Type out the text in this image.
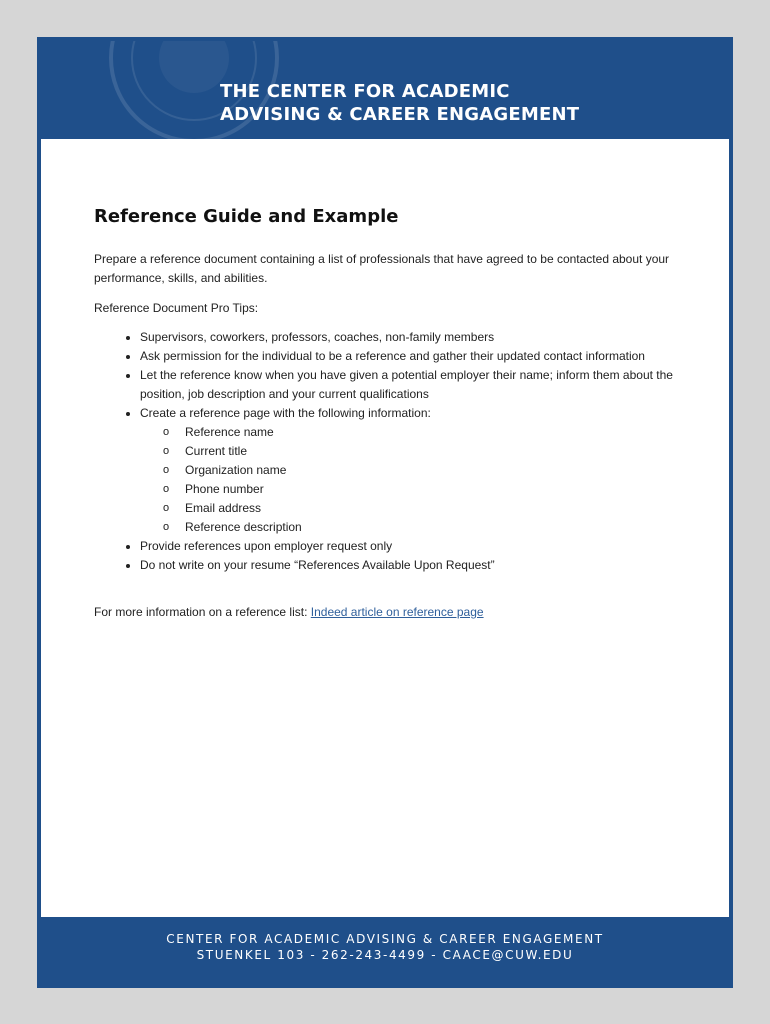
THE CENTER FOR ACADEMIC
ADVISING & CAREER ENGAGEMENT
Reference Guide and Example

Prepare a reference document containing a list of professionals that have agreed to be contacted about your performance, skills, and abilities.

Reference Document Pro Tips:

• Supervisors, coworkers, professors, coaches, non-family members
• Ask permission for the individual to be a reference and gather their updated contact information
• Let the reference know when you have given a potential employer their name; inform them about the position, job description and your current qualifications
• Create a reference page with the following information:
o Reference name
o Current title
o Organization name
o Phone number
o Email address
o Reference description
• Provide references upon employer request only
• Do not write on your resume “References Available Upon Request”

For more information on a reference list: Indeed article on reference page

CENTER FOR ACADEMIC ADVISING & CAREER ENGAGEMENT
STUENKEL 103 - 262-243-4499 - CAACE@CUW.EDU
